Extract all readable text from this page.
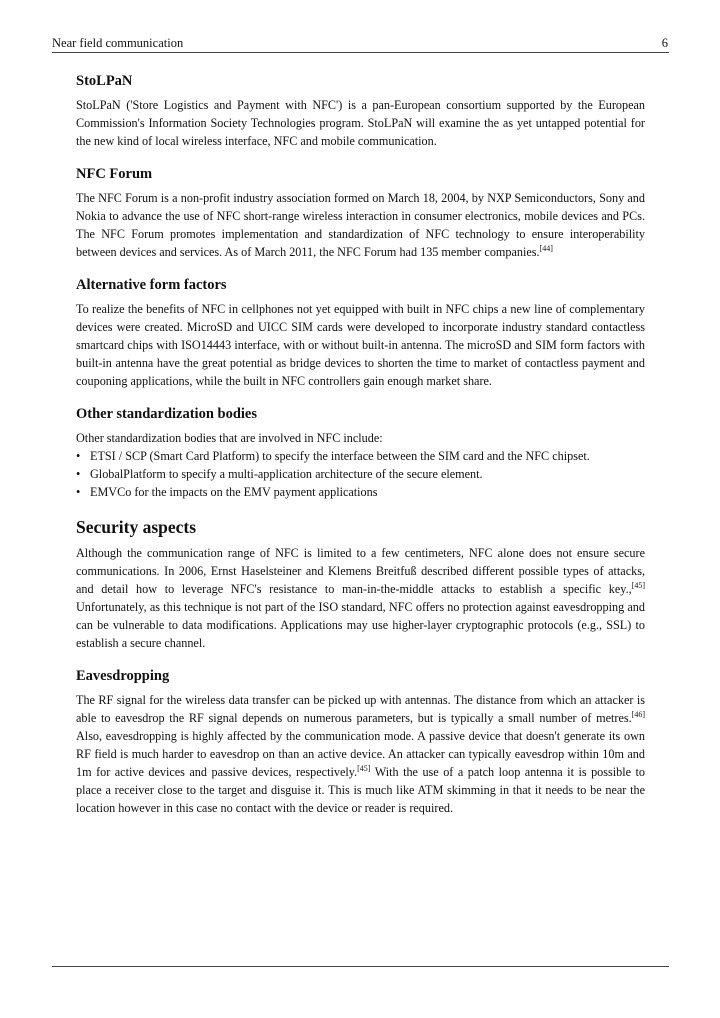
Near field communication	6
StoLPaN

StoLPaN ('Store Logistics and Payment with NFC') is a pan-European consortium supported by the European Commission's Information Society Technologies program. StoLPaN will examine the as yet untapped potential for the new kind of local wireless interface, NFC and mobile communication.

NFC Forum

The NFC Forum is a non-profit industry association formed on March 18, 2004, by NXP Semiconductors, Sony and Nokia to advance the use of NFC short-range wireless interaction in consumer electronics, mobile devices and PCs. The NFC Forum promotes implementation and standardization of NFC technology to ensure interoperability between devices and services. As of March 2011, the NFC Forum had 135 member companies.[44]

Alternative form factors

To realize the benefits of NFC in cellphones not yet equipped with built in NFC chips a new line of complementary devices were created. MicroSD and UICC SIM cards were developed to incorporate industry standard contactless smartcard chips with ISO14443 interface, with or without built-in antenna. The microSD and SIM form factors with built-in antenna have the great potential as bridge devices to shorten the time to market of contactless payment and couponing applications, while the built in NFC controllers gain enough market share.

Other standardization bodies

Other standardization bodies that are involved in NFC include:

• ETSI / SCP (Smart Card Platform) to specify the interface between the SIM card and the NFC chipset.
• GlobalPlatform to specify a multi-application architecture of the secure element.
• EMVCo for the impacts on the EMV payment applications
Security aspects

Although the communication range of NFC is limited to a few centimeters, NFC alone does not ensure secure communications. In 2006, Ernst Haselsteiner and Klemens Breitfuß described different possible types of attacks, and detail how to leverage NFC's resistance to man-in-the-middle attacks to establish a specific key.,[45] Unfortunately, as this technique is not part of the ISO standard, NFC offers no protection against eavesdropping and can be vulnerable to data modifications. Applications may use higher-layer cryptographic protocols (e.g., SSL) to establish a secure channel.

Eavesdropping

The RF signal for the wireless data transfer can be picked up with antennas. The distance from which an attacker is able to eavesdrop the RF signal depends on numerous parameters, but is typically a small number of metres.[46] Also, eavesdropping is highly affected by the communication mode. A passive device that doesn't generate its own RF field is much harder to eavesdrop on than an active device. An attacker can typically eavesdrop within 10m and 1m for active devices and passive devices, respectively.[45] With the use of a patch loop antenna it is possible to place a receiver close to the target and disguise it. This is much like ATM skimming in that it needs to be near the location however in this case no contact with the device or reader is required.
